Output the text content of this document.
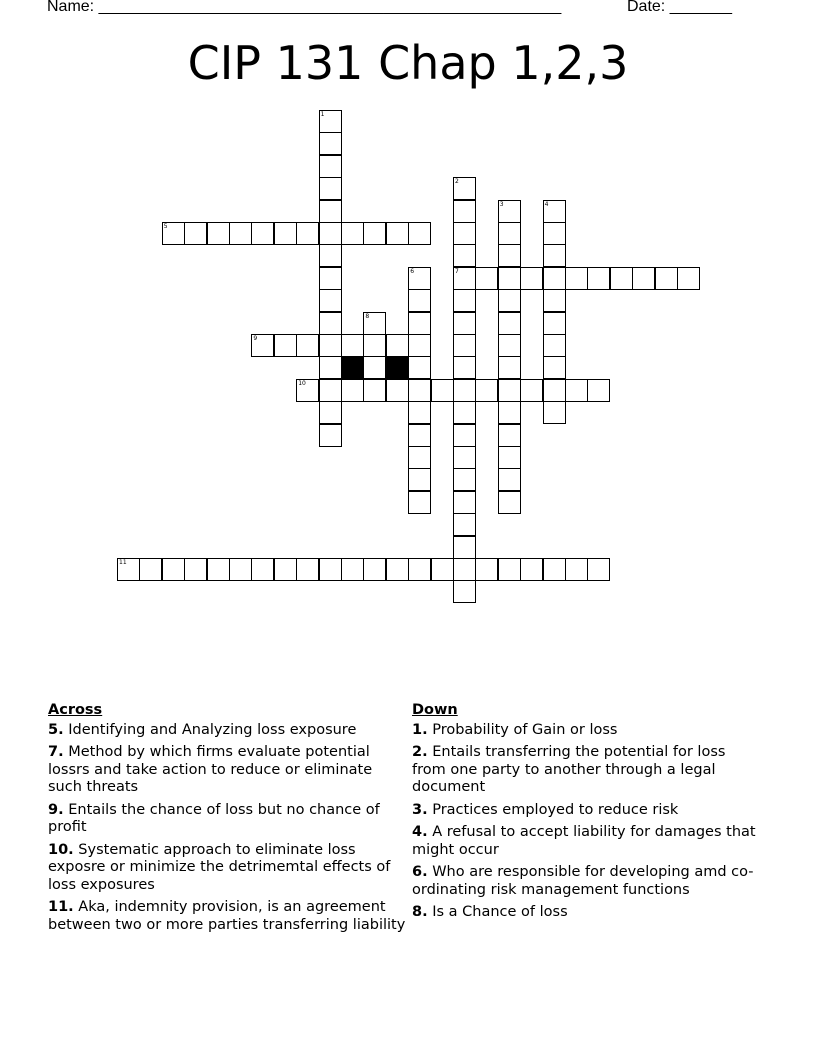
Name: ____________________________________________________	Date: _______
CIP 131 Chap 1,2,3
1
2
7
3	4
5
6
8
9
10
11
Across
5. Identifying and Analyzing loss exposure
7. Method by which firms evaluate potential lossrs and take action to reduce or eliminate such threats
9. Entails the chance of loss but no chance of profit
10. Systematic approach to eliminate loss exposre or minimize the detrimemtal effects of loss exposures
11. Aka, indemnity provision, is an agreement between two or more parties transferring liability
Down
1. Probability of Gain or loss
2. Entails transferring the potential for loss from one party to another through a legal document
3. Practices employed to reduce risk
4. A refusal to accept liability for damages that might occur
6. Who are responsible for developing amd co-ordinating risk management functions
8. Is a Chance of loss
